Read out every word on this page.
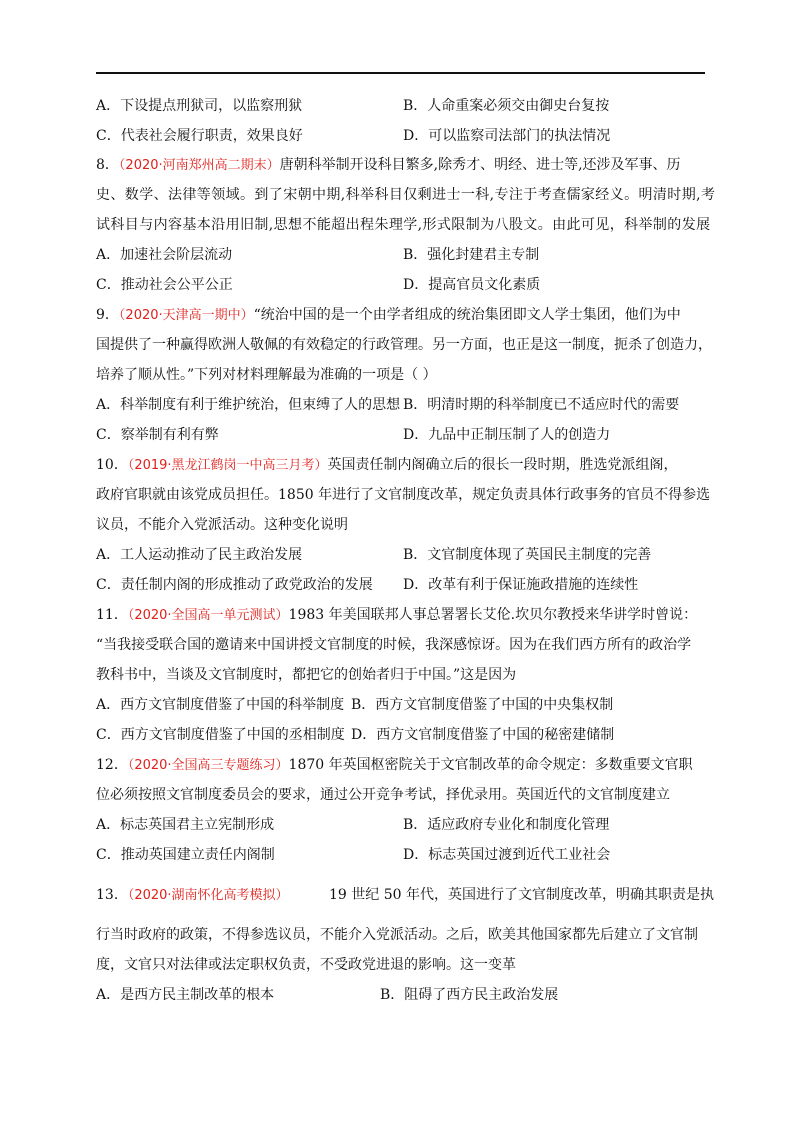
A．下设提点刑狱司，以监察刑狱	B．人命重案必须交由御史台复按
C．代表社会履行职责，效果良好	D．可以监察司法部门的执法情况
8．（2020·河南郑州高二期末）唐朝科举制开设科目繁多,除秀才、明经、进士等,还涉及军事、历
史、数学、法律等领域。到了宋朝中期,科举科目仅剩进士一科,专注于考查儒家经义。明清时期,考
试科目与内容基本沿用旧制,思想不能超出程朱理学,形式限制为八股文。由此可见，科举制的发展
A．加速社会阶层流动	B．强化封建君主专制
C．推动社会公平公正	D．提高官员文化素质
9．（2020·天津高一期中）“统治中国的是一个由学者组成的统治集团即文人学士集团，他们为中
国提供了一种赢得欧洲人敬佩的有效稳定的行政管理。另一方面，也正是这一制度，扼杀了创造力，
培养了顺从性。”下列对材料理解最为准确的一项是（ ）
A．科举制度有利于维护统治，但束缚了人的思想 B．明清时期的科举制度已不适应时代的需要
C．察举制有利有弊	D．九品中正制压制了人的创造力
10．（2019·黑龙江鹤岗一中高三月考）英国责任制内阁确立后的很长一段时期，胜选党派组阁，
政府官职就由该党成员担任。1850 年进行了文官制度改革，规定负责具体行政事务的官员不得参选
议员，不能介入党派活动。这种变化说明
A．工人运动推动了民主政治发展	B．文官制度体现了英国民主制度的完善
C．责任制内阁的形成推动了政党政治的发展 D．改革有利于保证施政措施的连续性
11．（2020·全国高一单元测试）1983 年美国联邦人事总署署长艾伦.坎贝尔教授来华讲学时曾说：
“当我接受联合国的邀请来中国讲授文官制度的时候，我深感惊讶。因为在我们西方所有的政治学
教科书中，当谈及文官制度时，都把它的创始者归于中国。”这是因为
A．西方文官制度借鉴了中国的科举制度 B．西方文官制度借鉴了中国的中央集权制
C．西方文官制度借鉴了中国的丞相制度 D．西方文官制度借鉴了中国的秘密建储制
12．（2020·全国高三专题练习）1870 年英国枢密院关于文官制改革的命令规定：多数重要文官职
位必须按照文官制度委员会的要求，通过公开竞争考试，择优录用。英国近代的文官制度建立
A．标志英国君主立宪制形成	B．适应政府专业化和制度化管理
C．推动英国建立责任内阁制	D．标志英国过渡到近代工业社会
13．（2020·湖南怀化高考模拟）	19 世纪 50 年代，英国进行了文官制度改革，明确其职责是执
行当时政府的政策，不得参选议员，不能介入党派活动。之后，欧美其他国家都先后建立了文官制
度，文官只对法律或法定职权负责，不受政党进退的影响。这一变革
A．是西方民主制改革的根本	B．阻碍了西方民主政治发展
